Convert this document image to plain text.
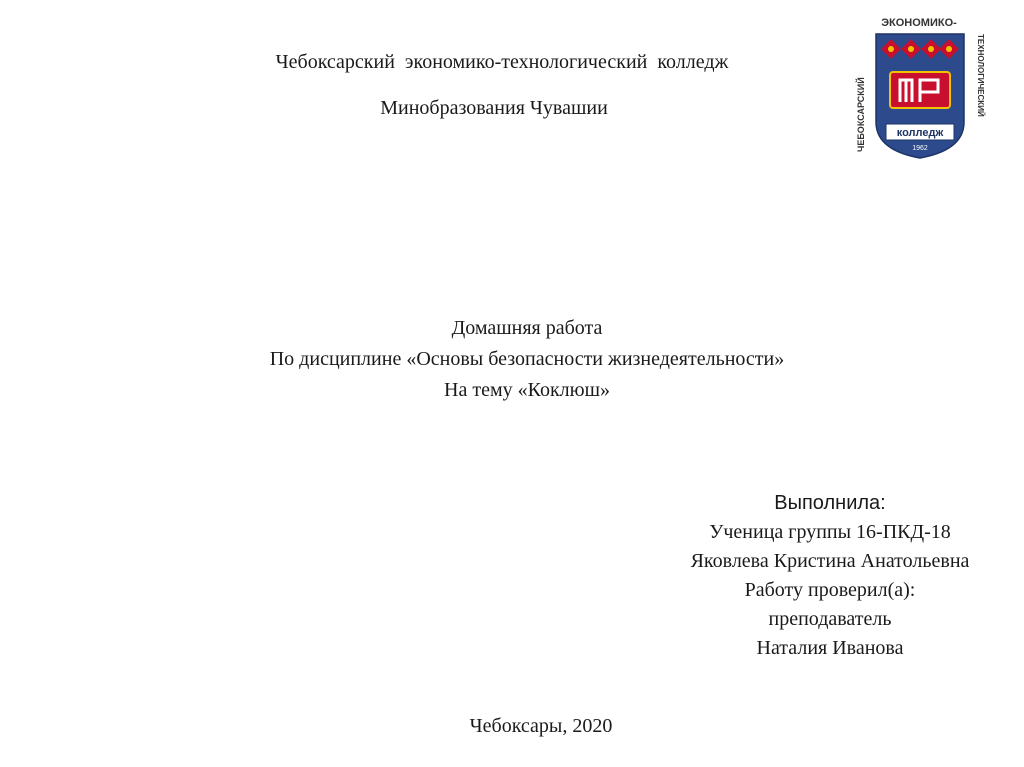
Чебоксарский  экономико-технологический  колледж
Минобразования Чувашии
ЭКОНОМИКО-
ЧЕБОКСАРСКИЙ
ТЕХНОЛОГИЧЕСКИЙ
колледж
1962
Домашняя работа
По дисциплине «Основы безопасности жизнедеятельности»
На тему «Коклюш»
Выполнила:
Ученица группы 16-ПКД-18
Яковлева Кристина Анатольевна
Работу проверил(а):
преподаватель
Наталия Иванова
Чебоксары, 2020
